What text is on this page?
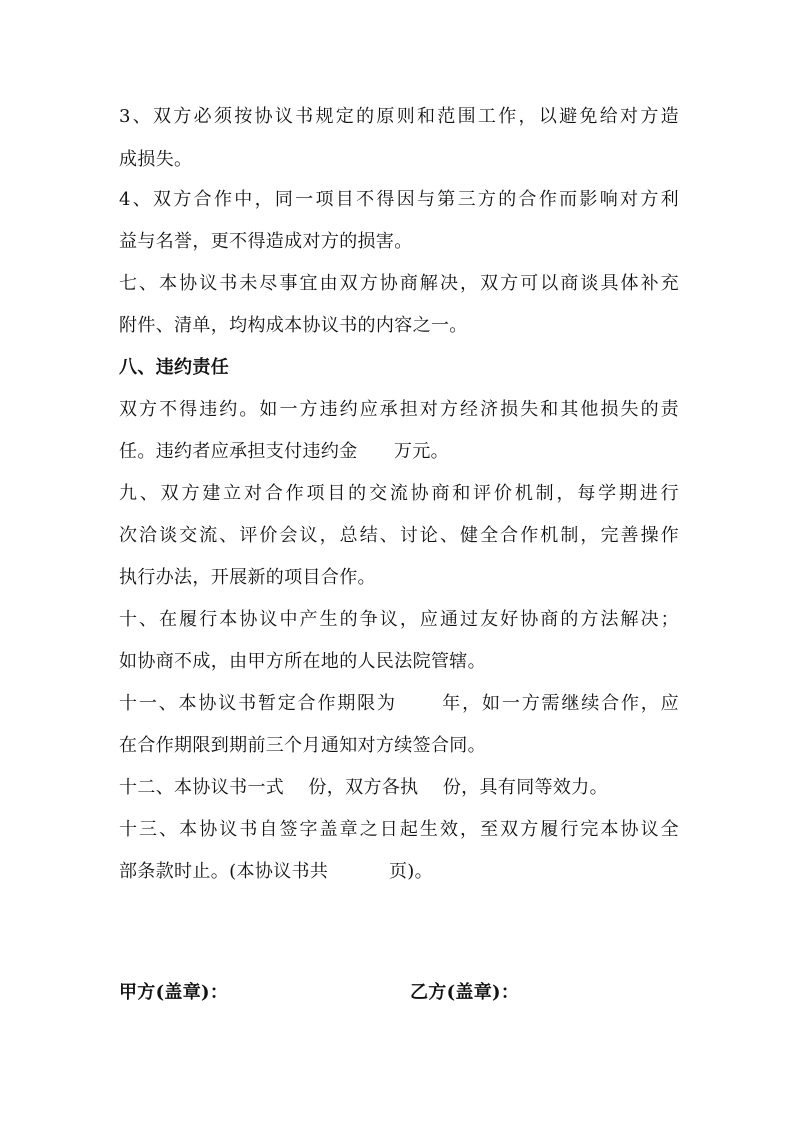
3、双方必须按协议书规定的原则和范围工作，以避免给对方造
成损失。
4、双方合作中，同一项目不得因与第三方的合作而影响对方利
益与名誉，更不得造成对方的损害。
七、本协议书未尽事宜由双方协商解决，双方可以商谈具体补充
附件、清单，均构成本协议书的内容之一。
八、违约责任
双方不得违约。如一方违约应承担对方经济损失和其他损失的责
任。违约者应承担支付违约金      万元。
九、双方建立对合作项目的交流协商和评价机制，每学期进行
次洽谈交流、评价会议，总结、讨论、健全合作机制，完善操作
执行办法，开展新的项目合作。
十、在履行本协议中产生的争议，应通过友好协商的方法解决；
如协商不成，由甲方所在地的人民法院管辖。
十一、本协议书暂定合作期限为      年，如一方需继续合作，应
在合作期限到期前三个月通知对方续签合同。
十二、本协议书一式    份，双方各执    份，具有同等效力。
十三、本协议书自签字盖章之日起生效，至双方履行完本协议全
部条款时止。(本协议书共          页)。
甲方(盖章)：	乙方(盖章)：
